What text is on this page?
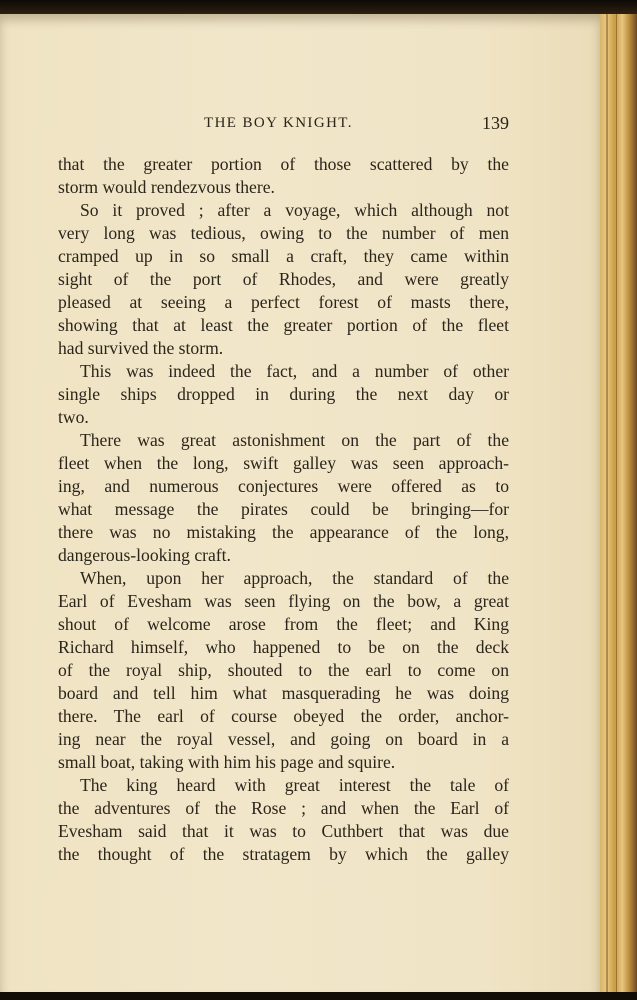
THE BOY KNIGHT.	139
that the greater portion of those scattered by the
storm would rendezvous there.
So it proved ; after a voyage, which although not
very long was tedious, owing to the number of men
cramped up in so small a craft, they came within
sight of the port of Rhodes, and were greatly
pleased at seeing a perfect forest of masts there,
showing that at least the greater portion of the fleet
had survived the storm.
This was indeed the fact, and a number of other
single ships dropped in during the next day or
two.
There was great astonishment on the part of the
fleet when the long, swift galley was seen approach-
ing, and numerous conjectures were offered as to
what message the pirates could be bringing—for
there was no mistaking the appearance of the long,
dangerous-looking craft.
When, upon her approach, the standard of the
Earl of Evesham was seen flying on the bow, a great
shout of welcome arose from the fleet; and King
Richard himself, who happened to be on the deck
of the royal ship, shouted to the earl to come on
board and tell him what masquerading he was doing
there. The earl of course obeyed the order, anchor-
ing near the royal vessel, and going on board in a
small boat, taking with him his page and squire.
The king heard with great interest the tale of
the adventures of the Rose ; and when the Earl of
Evesham said that it was to Cuthbert that was due
the thought of the stratagem by which the galley
